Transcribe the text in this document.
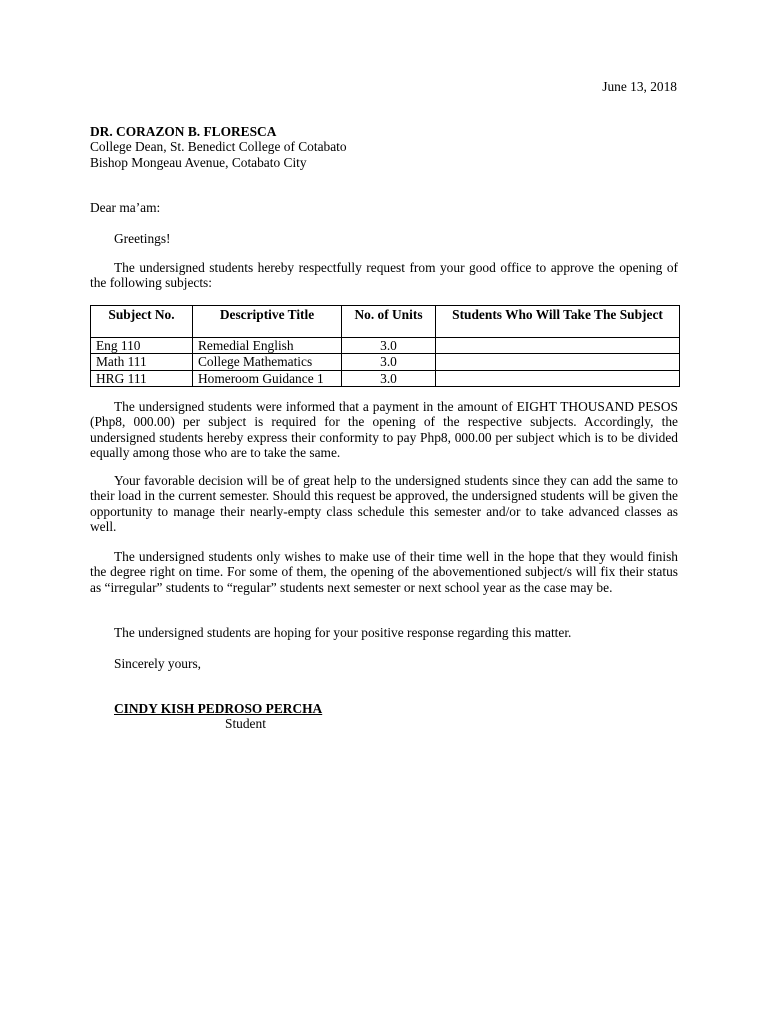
June 13, 2018
DR. CORAZON B. FLORESCA
College Dean, St. Benedict College of Cotabato
Bishop Mongeau Avenue, Cotabato City
Dear ma’am:
Greetings!

The undersigned students hereby respectfully request from your good office to approve the opening of the following subjects:

Subject No.	Descriptive Title	No. of Units	Students Who Will Take The Subject
Eng 110	Remedial English	3.0	
Math 111	College Mathematics	3.0	
HRG 111	Homeroom Guidance 1	3.0	

The undersigned students were informed that a payment in the amount of EIGHT THOUSAND PESOS (Php8, 000.00) per subject is required for the opening of the respective subjects. Accordingly, the undersigned students hereby express their conformity to pay Php8, 000.00 per subject which is to be divided equally among those who are to take the same.

Your favorable decision will be of great help to the undersigned students since they can add the same to their load in the current semester. Should this request be approved, the undersigned students will be given the opportunity to manage their nearly-empty class schedule this semester and/or to take advanced classes as well.

The undersigned students only wishes to make use of their time well in the hope that they would finish the degree right on time. For some of them, the opening of the abovementioned subject/s will fix their status as “irregular” students to “regular” students next semester or next school year as the case may be.

The undersigned students are hoping for your positive response regarding this matter.
Sincerely yours,
CINDY KISH PEDROSO PERCHA
Student
